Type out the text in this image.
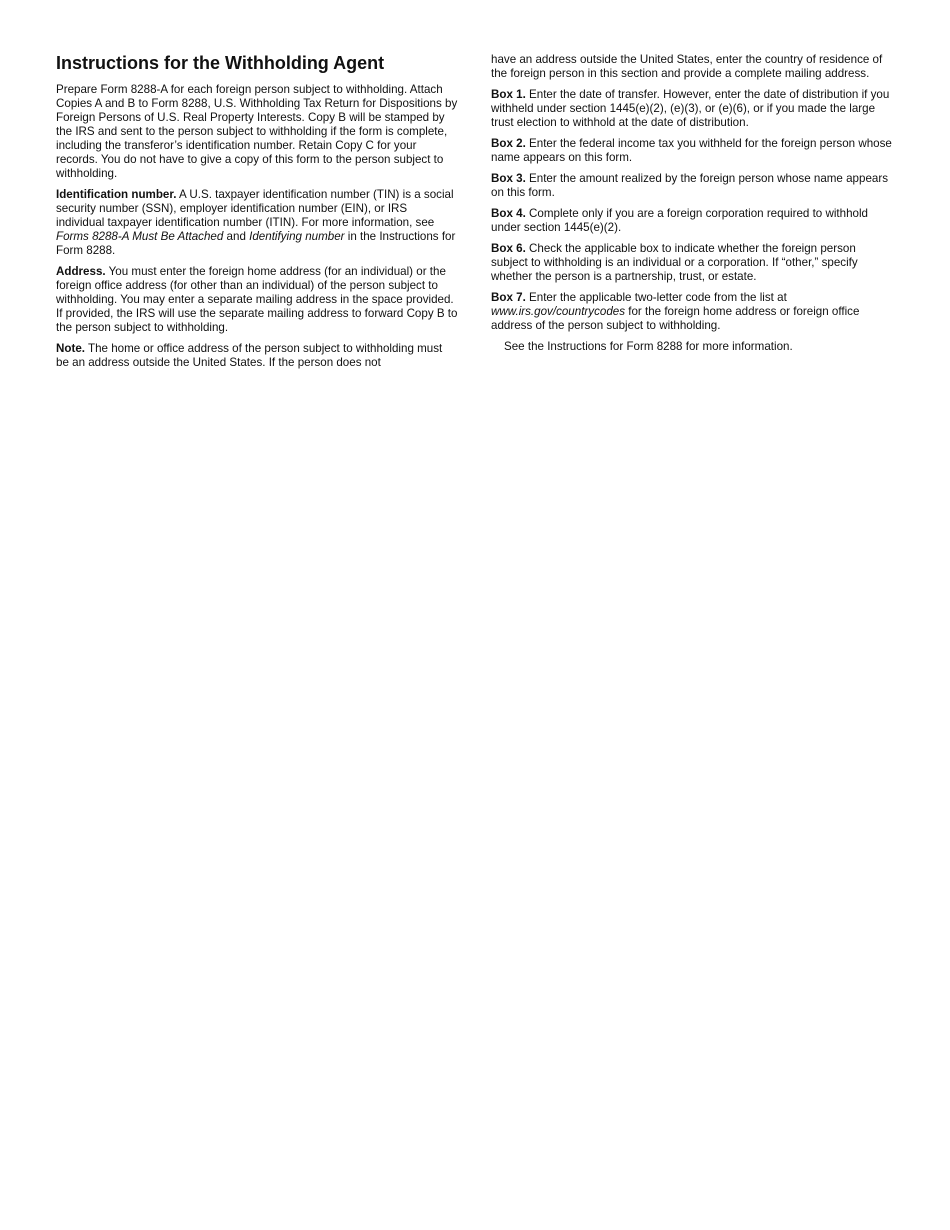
Instructions for the Withholding Agent

Prepare Form 8288-A for each foreign person subject to withholding. Attach Copies A and B to Form 8288, U.S. Withholding Tax Return for Dispositions by Foreign Persons of U.S. Real Property Interests. Copy B will be stamped by the IRS and sent to the person subject to withholding if the form is complete, including the transferor’s identification number. Retain Copy C for your records. You do not have to give a copy of this form to the person subject to withholding.

Identification number. A U.S. taxpayer identification number (TIN) is a social security number (SSN), employer identification number (EIN), or IRS individual taxpayer identification number (ITIN). For more information, see Forms 8288-A Must Be Attached and Identifying number in the Instructions for Form 8288.

Address. You must enter the foreign home address (for an individual) or the foreign office address (for other than an individual) of the person subject to withholding. You may enter a separate mailing address in the space provided. If provided, the IRS will use the separate mailing address to forward Copy B to the person subject to withholding.

Note. The home or office address of the person subject to withholding must be an address outside the United States. If the person does not

have an address outside the United States, enter the country of residence of the foreign person in this section and provide a complete mailing address.

Box 1. Enter the date of transfer. However, enter the date of distribution if you withheld under section 1445(e)(2), (e)(3), or (e)(6), or if you made the large trust election to withhold at the date of distribution.

Box 2. Enter the federal income tax you withheld for the foreign person whose name appears on this form.

Box 3. Enter the amount realized by the foreign person whose name appears on this form.

Box 4. Complete only if you are a foreign corporation required to withhold under section 1445(e)(2).

Box 6. Check the applicable box to indicate whether the foreign person subject to withholding is an individual or a corporation. If “other,” specify whether the person is a partnership, trust, or estate.

Box 7. Enter the applicable two-letter code from the list at www.irs.gov/countrycodes for the foreign home address or foreign office address of the person subject to withholding.

See the Instructions for Form 8288 for more information.
